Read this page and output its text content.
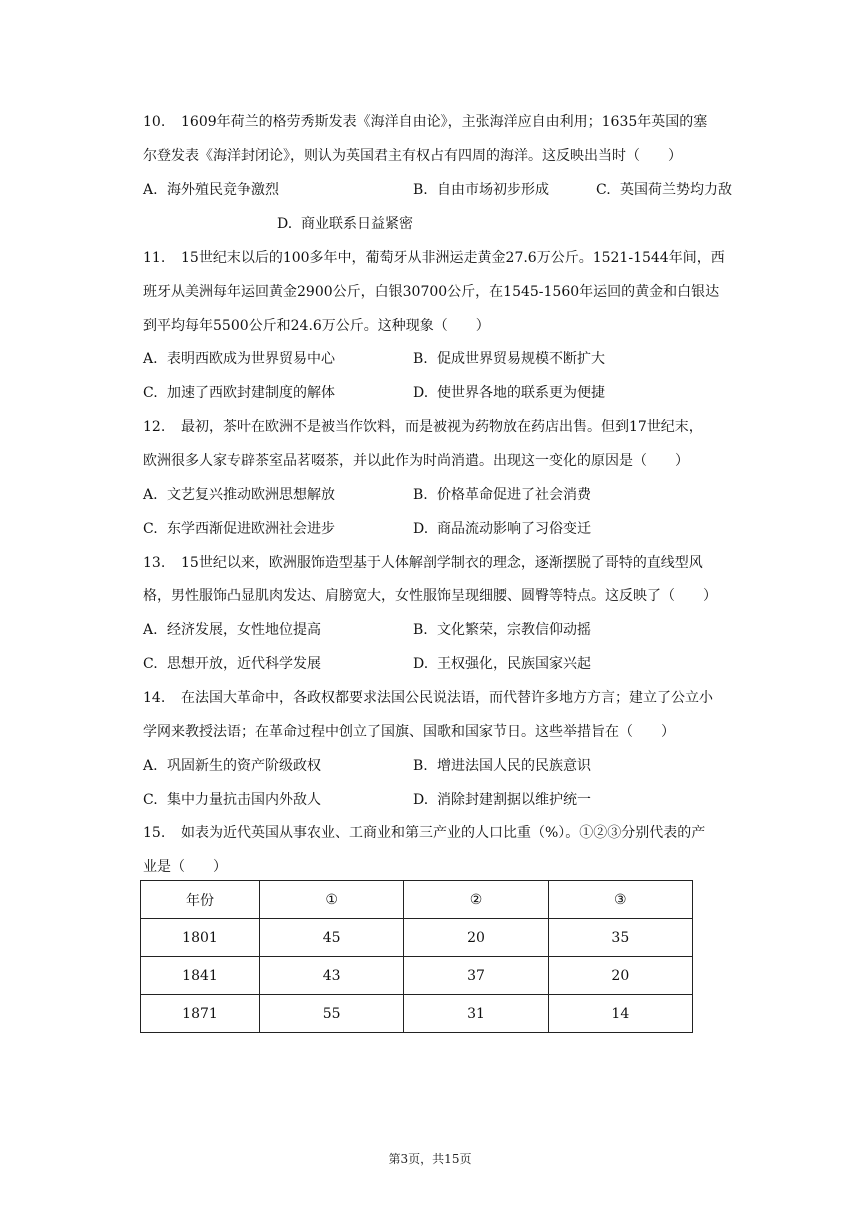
10. 1609年荷兰的格劳秀斯发表《海洋自由论》，主张海洋应自由利用；1635年英国的塞
尔登发表《海洋封闭论》，则认为英国君主有权占有四周的海洋。这反映出当时（　　）
A. 海外殖民竞争激烈	B. 自由市场初步形成	C. 英国荷兰势均力敌
D. 商业联系日益紧密
11. 15世纪末以后的100多年中，葡萄牙从非洲运走黄金27.6万公斤。1521-1544年间，西
班牙从美洲每年运回黄金2900公斤，白银30700公斤，在1545-1560年运回的黄金和白银达
到平均每年5500公斤和24.6万公斤。这种现象（　　）
A. 表明西欧成为世界贸易中心	B. 促成世界贸易规模不断扩大
C. 加速了西欧封建制度的解体	D. 使世界各地的联系更为便捷
12. 最初，茶叶在欧洲不是被当作饮料，而是被视为药物放在药店出售。但到17世纪末，
欧洲很多人家专辟茶室品茗啜茶，并以此作为时尚消遣。出现这一变化的原因是（　　）
A. 文艺复兴推动欧洲思想解放	B. 价格革命促进了社会消费
C. 东学西渐促进欧洲社会进步	D. 商品流动影响了习俗变迁
13. 15世纪以来，欧洲服饰造型基于人体解剖学制衣的理念，逐渐摆脱了哥特的直线型风
格，男性服饰凸显肌肉发达、肩膀宽大，女性服饰呈现细腰、圆臀等特点。这反映了（　　）
A. 经济发展，女性地位提高	B. 文化繁荣，宗教信仰动摇
C. 思想开放，近代科学发展	D. 王权强化，民族国家兴起
14. 在法国大革命中，各政权都要求法国公民说法语，而代替许多地方方言；建立了公立小
学网来教授法语；在革命过程中创立了国旗、国歌和国家节日。这些举措旨在（　　）
A. 巩固新生的资产阶级政权	B. 增进法国人民的民族意识
C. 集中力量抗击国内外敌人	D. 消除封建割据以维护统一
15. 如表为近代英国从事农业、工商业和第三产业的人口比重（%）。①②③分别代表的产
业是（　　）
年份	①	②	③
1801	45	20	35
1841	43	37	20
1871	55	31	14
第3页，共15页
